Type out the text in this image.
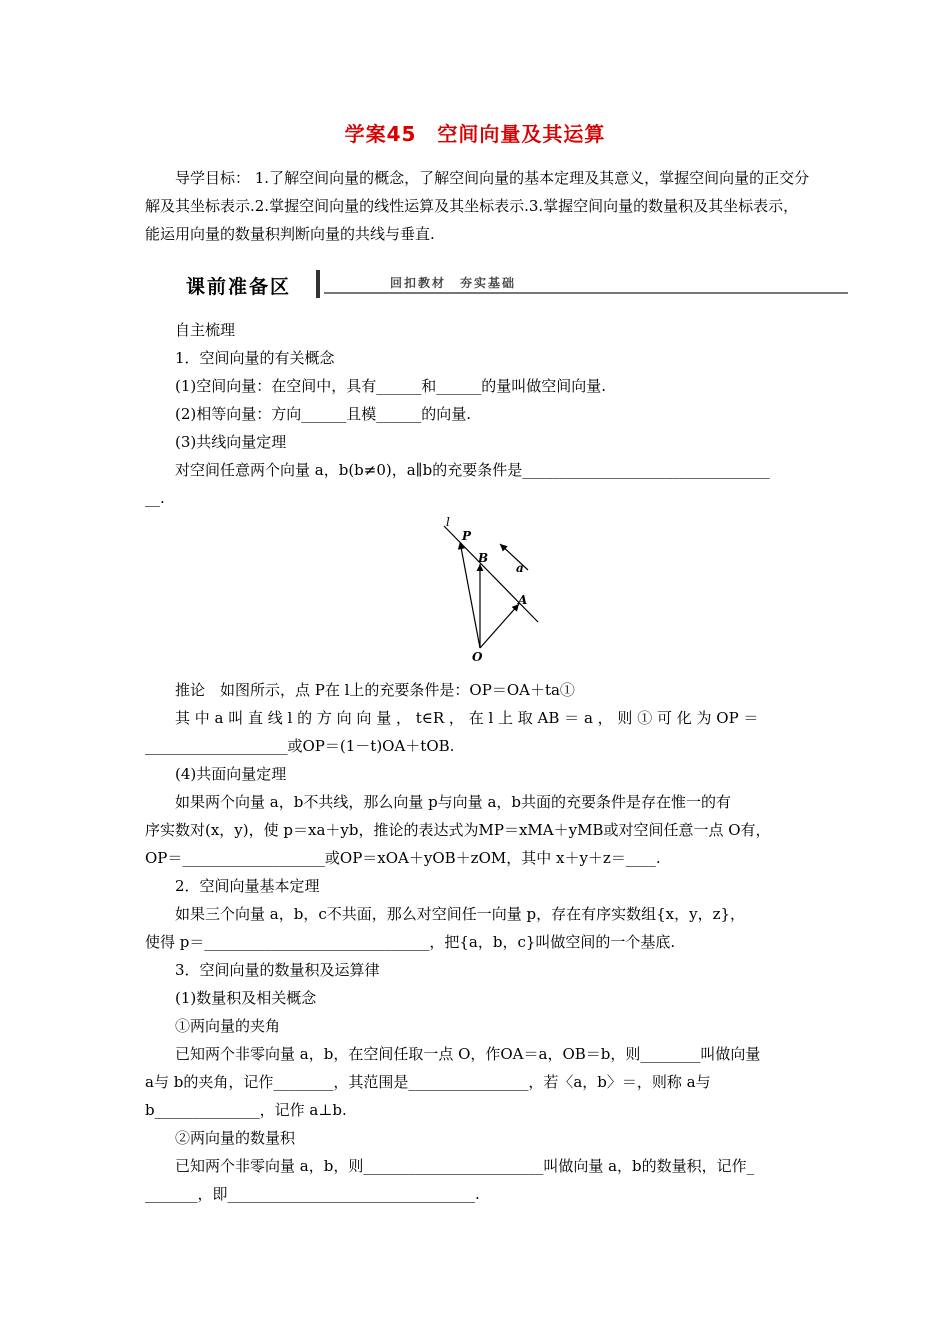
学案45　空间向量及其运算
导学目标： 1.了解空间向量的概念，了解空间向量的基本定理及其意义，掌握空间向量的正交分解及其坐标表示.2.掌握空间向量的线性运算及其坐标表示.3.掌握空间向量的数量积及其坐标表示，能运用向量的数量积判断向量的共线与垂直.
课前准备区	回扣教材　夯实基础
自主梳理
1．空间向量的有关概念
(1)空间向量：在空间中，具有______和______的量叫做空间向量.
(2)相等向量：方向______且模______的向量.
(3)共线向量定理
对空间任意两个向量 a，b(b≠0)，a∥b的充要条件是_________________________________
__.
l
P
B
a
A
O
推论　如图所示，点 P在 l上的充要条件是：OP＝OA＋ta①
其 中 a 叫 直 线 l 的 方 向 向 量 ， t∈R ， 在 l 上 取 AB ＝ a ， 则 ① 可 化 为 OP ＝
___________________或OP＝(1－t)OA＋tOB.
(4)共面向量定理
如果两个向量 a，b不共线，那么向量 p与向量 a，b共面的充要条件是存在惟一的有
序实数对(x，y)，使 p＝xa＋yb，推论的表达式为MP＝xMA＋yMB或对空间任意一点 O有，
OP＝___________________或OP＝xOA＋yOB＋zOM，其中 x＋y＋z＝____.
2．空间向量基本定理
如果三个向量 a，b，c不共面，那么对空间任一向量 p，存在有序实数组{x，y，z}，
使得 p＝______________________________，把{a，b，c}叫做空间的一个基底.
3．空间向量的数量积及运算律
(1)数量积及相关概念
①两向量的夹角
已知两个非零向量 a，b，在空间任取一点 O，作OA＝a，OB＝b，则________叫做向量
a与 b的夹角，记作________，其范围是________________，若〈a，b〉＝，则称 a与
b______________，记作 a⊥b.
②两向量的数量积
已知两个非零向量 a，b，则________________________叫做向量 a，b的数量积，记作_
_______，即_________________________________.
